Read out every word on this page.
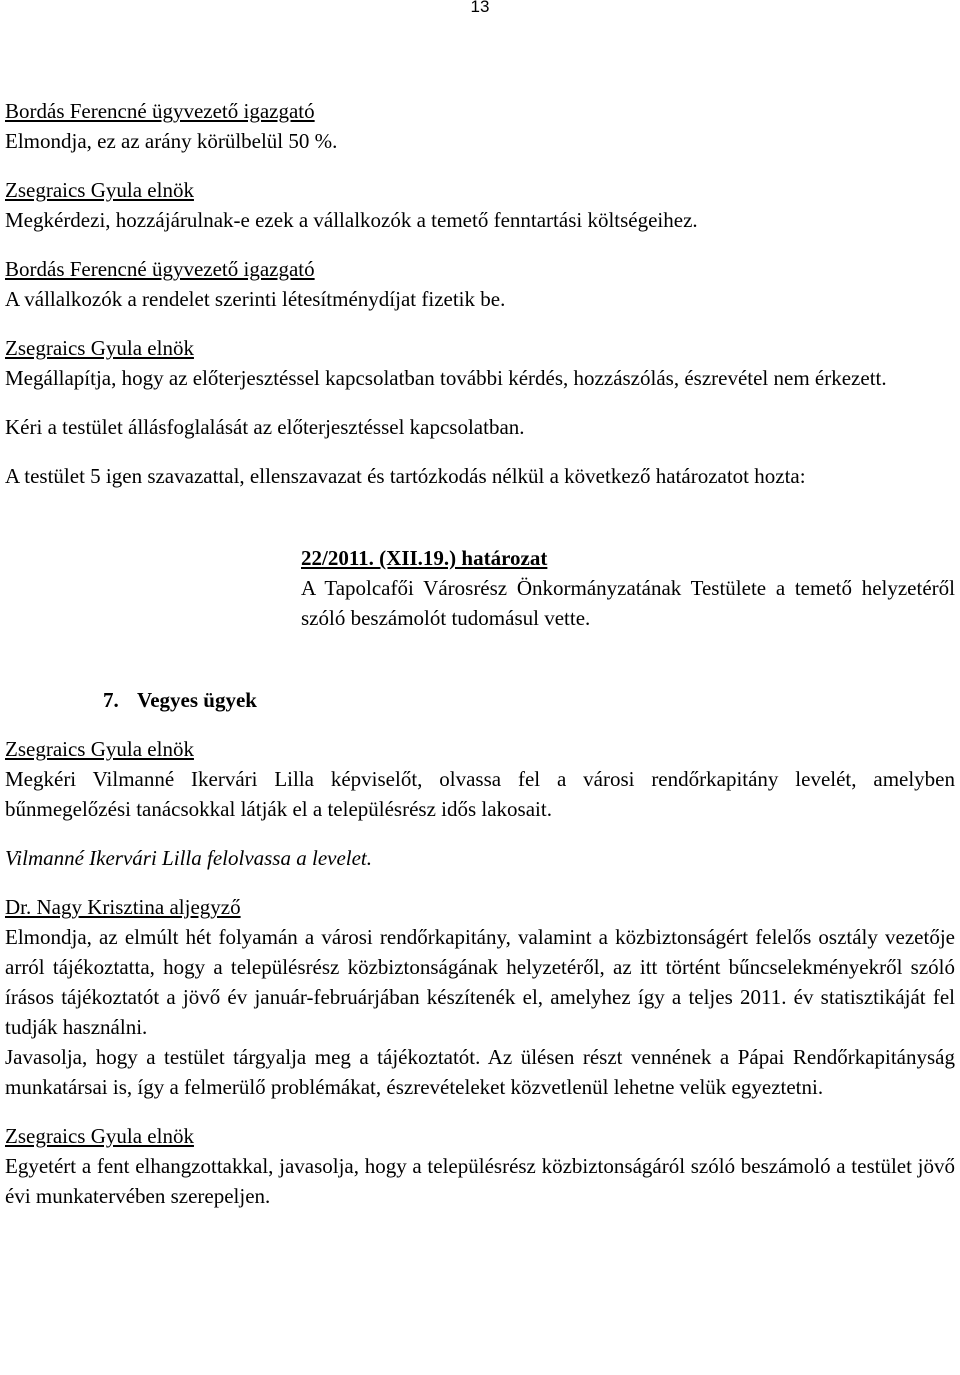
13
Bordás Ferencné ügyvezető igazgató
Elmondja, ez az arány körülbelül 50 %.
Zsegraics Gyula elnök
Megkérdezi, hozzájárulnak-e ezek a vállalkozók a temető fenntartási költségeihez.
Bordás Ferencné ügyvezető igazgató
A vállalkozók a rendelet szerinti létesítménydíjat fizetik be.
Zsegraics Gyula elnök
Megállapítja, hogy az előterjesztéssel kapcsolatban további kérdés, hozzászólás, észrevétel nem érkezett.
Kéri a testület állásfoglalását az előterjesztéssel kapcsolatban.
A testület 5 igen szavazattal, ellenszavazat és tartózkodás nélkül a következő határozatot hozta:
22/2011. (XII.19.) határozat
A Tapolcafői Városrész Önkormányzatának Testülete a temető helyzetéről szóló beszámolót tudomásul vette.
7. Vegyes ügyek
Zsegraics Gyula elnök
Megkéri Vilmanné Ikervári Lilla képviselőt, olvassa fel a városi rendőrkapitány levelét, amelyben bűnmegelőzési tanácsokkal látják el a településrész idős lakosait.
Vilmanné Ikervári Lilla felolvassa a levelet.
Dr. Nagy Krisztina aljegyző
Elmondja, az elmúlt hét folyamán a városi rendőrkapitány, valamint a közbiztonságért felelős osztály vezetője arról tájékoztatta, hogy a településrész közbiztonságának helyzetéről, az itt történt bűncselekményekről szóló írásos tájékoztatót a jövő év január-februárjában készítenék el, amelyhez így a teljes 2011. év statisztikáját fel tudják használni.
Javasolja, hogy a testület tárgyalja meg a tájékoztatót. Az ülésen részt vennének a Pápai Rendőrkapitányság munkatársai is, így a felmerülő problémákat, észrevételeket közvetlenül lehetne velük egyeztetni.
Zsegraics Gyula elnök
Egyetért a fent elhangzottakkal, javasolja, hogy a településrész közbiztonságáról szóló beszámoló a testület jövő évi munkatervében szerepeljen.
